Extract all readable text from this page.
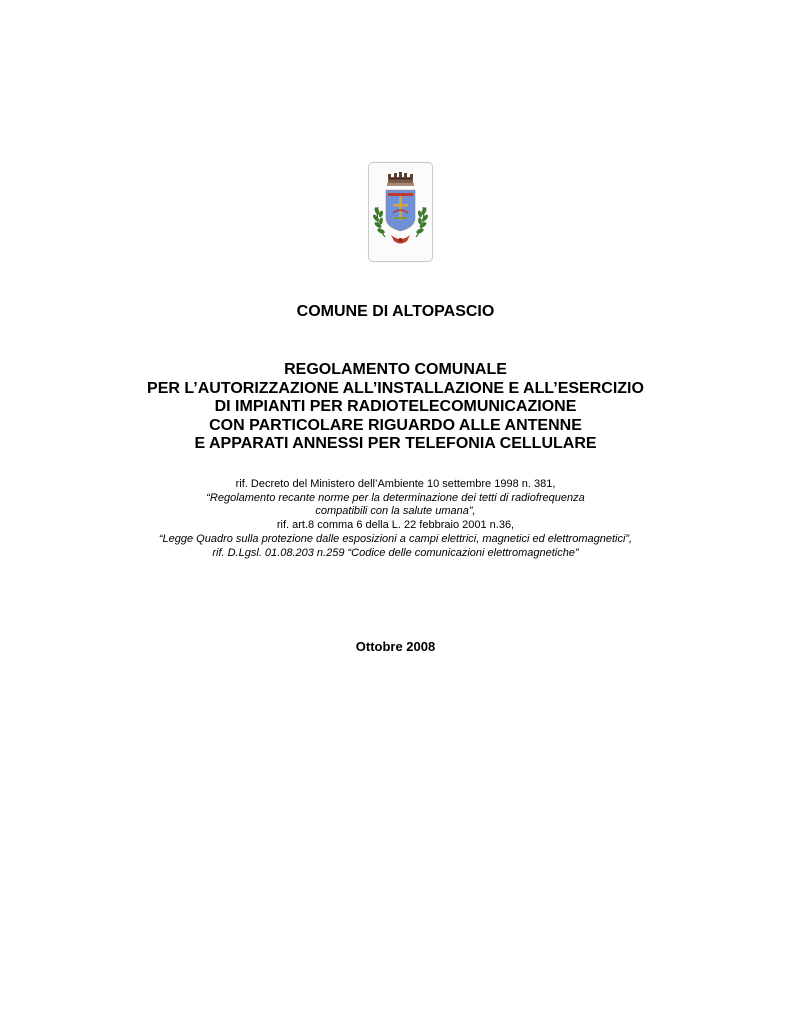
COMUNE DI ALTOPASCIO
REGOLAMENTO COMUNALE
PER L’AUTORIZZAZIONE ALL’INSTALLAZIONE E ALL’ESERCIZIO
DI IMPIANTI PER RADIOTELECOMUNICAZIONE
CON PARTICOLARE RIGUARDO ALLE ANTENNE
E APPARATI ANNESSI PER TELEFONIA CELLULARE
rif. Decreto del Ministero dell’Ambiente 10 settembre 1998 n. 381,
“Regolamento recante norme per la determinazione dei tetti di radiofrequenza
compatibili con la salute umana”,
rif. art.8 comma 6 della L. 22 febbraio 2001 n.36,
“Legge Quadro sulla protezione dalle esposizioni a campi elettrici, magnetici ed elettromagnetici”,
rif. D.Lgsl. 01.08.203 n.259 “Codice delle comunicazioni elettromagnetiche”
Ottobre 2008
